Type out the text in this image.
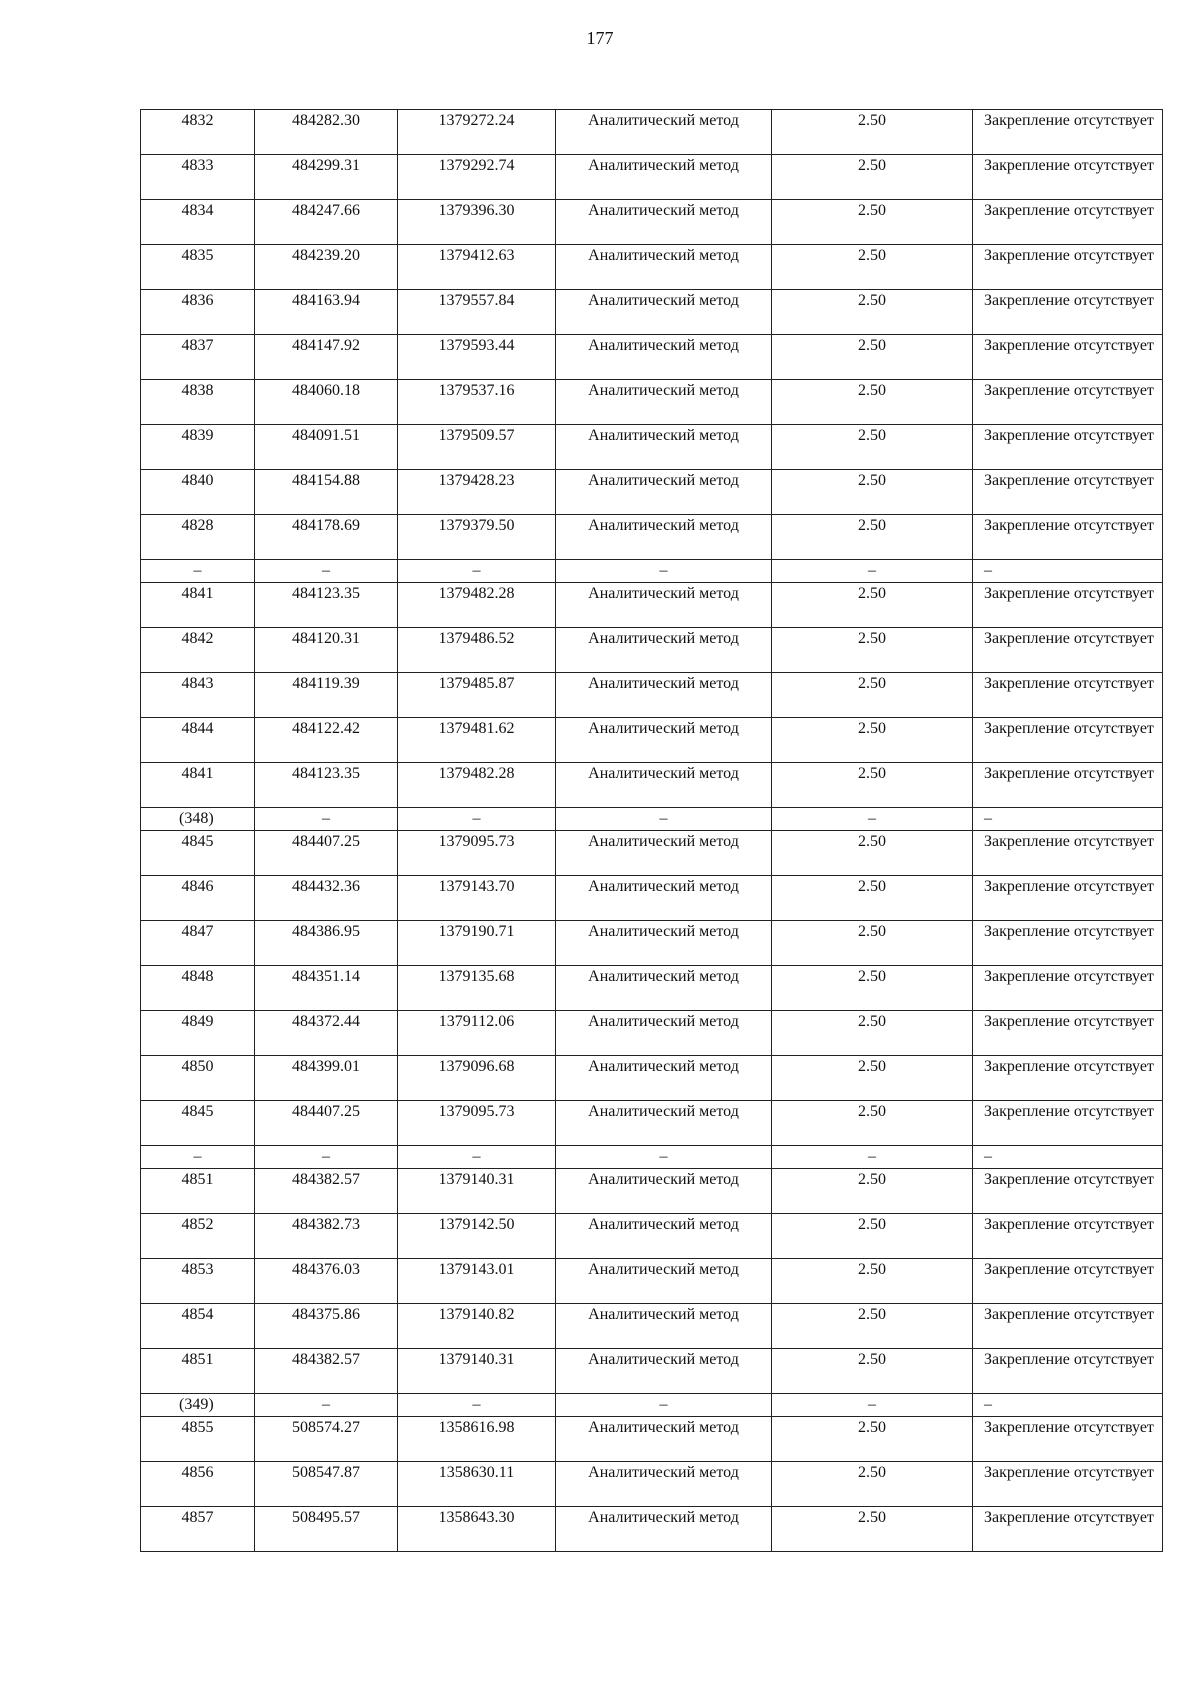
177
4832	484282.30	1379272.24	Аналитический метод	2.50	Закрепление отсутствует
4833	484299.31	1379292.74	Аналитический метод	2.50	Закрепление отсутствует
4834	484247.66	1379396.30	Аналитический метод	2.50	Закрепление отсутствует
4835	484239.20	1379412.63	Аналитический метод	2.50	Закрепление отсутствует
4836	484163.94	1379557.84	Аналитический метод	2.50	Закрепление отсутствует
4837	484147.92	1379593.44	Аналитический метод	2.50	Закрепление отсутствует
4838	484060.18	1379537.16	Аналитический метод	2.50	Закрепление отсутствует
4839	484091.51	1379509.57	Аналитический метод	2.50	Закрепление отсутствует
4840	484154.88	1379428.23	Аналитический метод	2.50	Закрепление отсутствует
4828	484178.69	1379379.50	Аналитический метод	2.50	Закрепление отсутствует
–	–	–	–	–	–
4841	484123.35	1379482.28	Аналитический метод	2.50	Закрепление отсутствует
4842	484120.31	1379486.52	Аналитический метод	2.50	Закрепление отсутствует
4843	484119.39	1379485.87	Аналитический метод	2.50	Закрепление отсутствует
4844	484122.42	1379481.62	Аналитический метод	2.50	Закрепление отсутствует
4841	484123.35	1379482.28	Аналитический метод	2.50	Закрепление отсутствует
(348)	–	–	–	–	–
4845	484407.25	1379095.73	Аналитический метод	2.50	Закрепление отсутствует
4846	484432.36	1379143.70	Аналитический метод	2.50	Закрепление отсутствует
4847	484386.95	1379190.71	Аналитический метод	2.50	Закрепление отсутствует
4848	484351.14	1379135.68	Аналитический метод	2.50	Закрепление отсутствует
4849	484372.44	1379112.06	Аналитический метод	2.50	Закрепление отсутствует
4850	484399.01	1379096.68	Аналитический метод	2.50	Закрепление отсутствует
4845	484407.25	1379095.73	Аналитический метод	2.50	Закрепление отсутствует
–	–	–	–	–	–
4851	484382.57	1379140.31	Аналитический метод	2.50	Закрепление отсутствует
4852	484382.73	1379142.50	Аналитический метод	2.50	Закрепление отсутствует
4853	484376.03	1379143.01	Аналитический метод	2.50	Закрепление отсутствует
4854	484375.86	1379140.82	Аналитический метод	2.50	Закрепление отсутствует
4851	484382.57	1379140.31	Аналитический метод	2.50	Закрепление отсутствует
(349)	–	–	–	–	–
4855	508574.27	1358616.98	Аналитический метод	2.50	Закрепление отсутствует
4856	508547.87	1358630.11	Аналитический метод	2.50	Закрепление отсутствует
4857	508495.57	1358643.30	Аналитический метод	2.50	Закрепление отсутствует
